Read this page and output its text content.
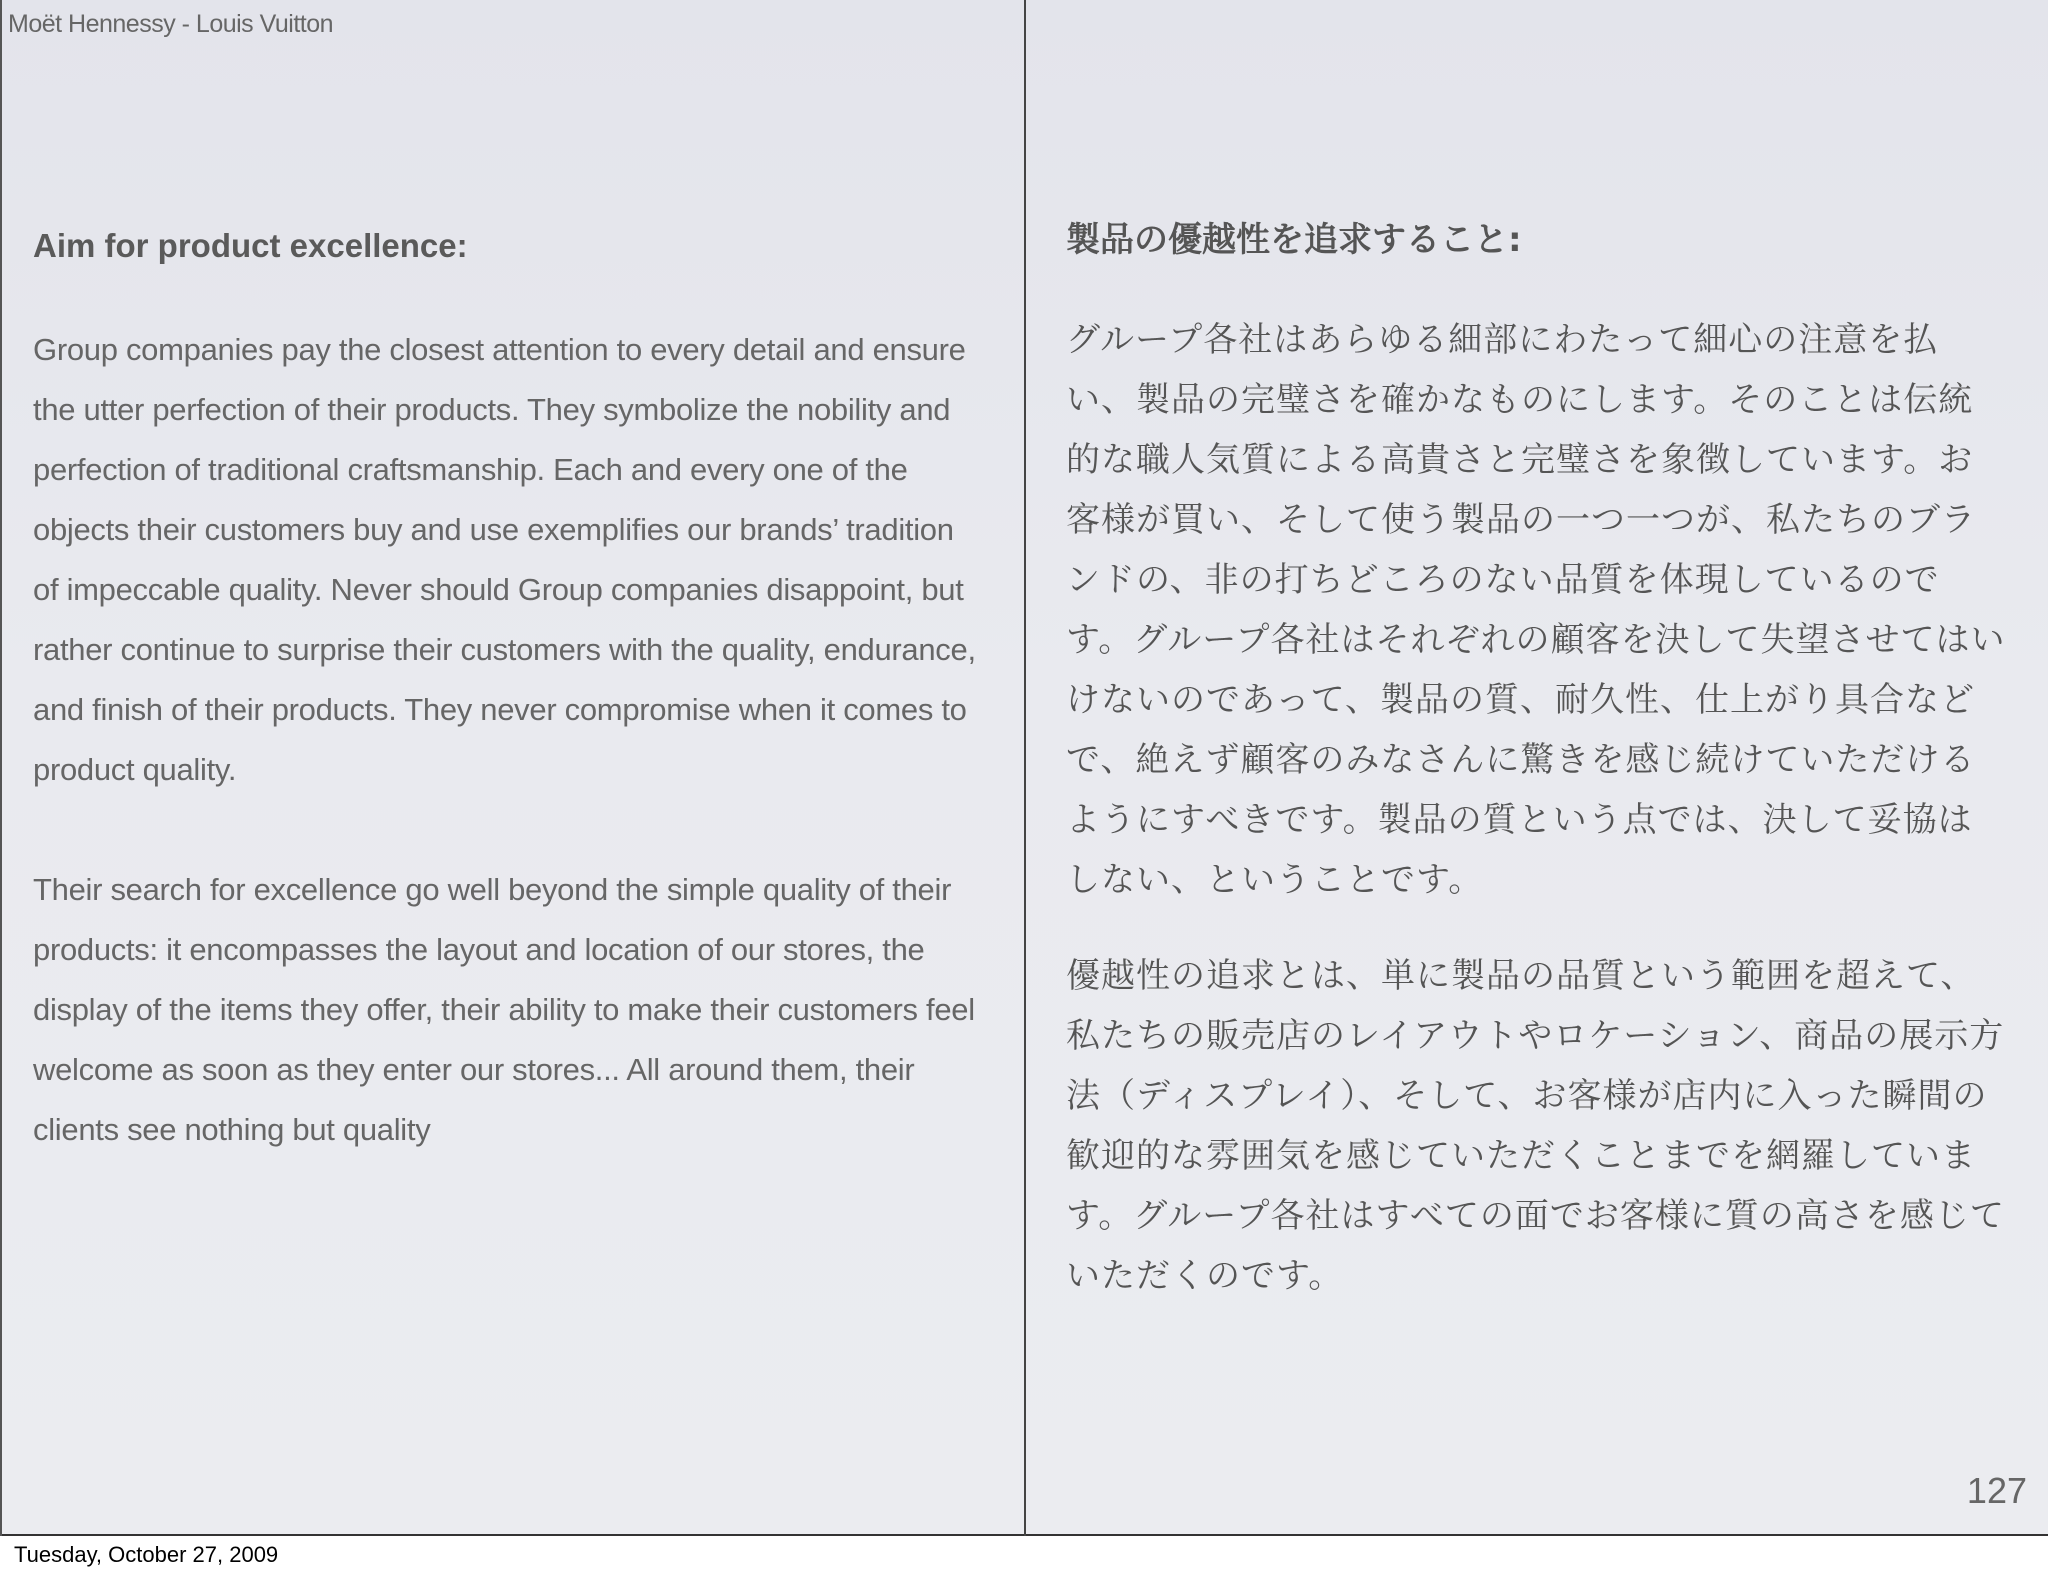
Moët Hennessy - Louis Vuitton
Aim for product excellence:

Group companies pay the closest attention to every detail and ensure the utter perfection of their products. They symbolize the nobility and perfection of traditional craftsmanship. Each and every one of the objects their customers buy and use exemplifies our brands’ tradition of impeccable quality. Never should Group companies disappoint, but rather continue to surprise their customers with the quality, endurance, and finish of their products. They never compromise when it comes to product quality.

Their search for excellence go well beyond the simple quality of their products: it encompasses the layout and location of our stores, the display of the items they offer, their ability to make their customers feel welcome as soon as they enter our stores... All around them, their clients see nothing but quality

製品の優越性を追求すること:

グループ各社はあらゆる細部にわたって細心の注意を払い、製品の完璧さを確かなものにします。そのことは伝統的な職人気質による高貴さと完璧さを象徴しています。お客様が買い、そして使う製品の一つ一つが、私たちのブランドの、非の打ちどころのない品質を体現しているのです。グループ各社はそれぞれの顧客を決して失望させてはいけないのであって、製品の質、耐久性、仕上がり具合などで、絶えず顧客のみなさんに驚きを感じ続けていただけるようにすべきです。製品の質という点では、決して妥協はしない、ということです。

優越性の追求とは、単に製品の品質という範囲を超えて、私たちの販売店のレイアウトやロケーション、商品の展示方法（ディスプレイ）、そして、お客様が店内に入った瞬間の歓迎的な雰囲気を感じていただくことまでを網羅しています。グループ各社はすべての面でお客様に質の高さを感じていただくのです。

127
Tuesday, October 27, 2009
